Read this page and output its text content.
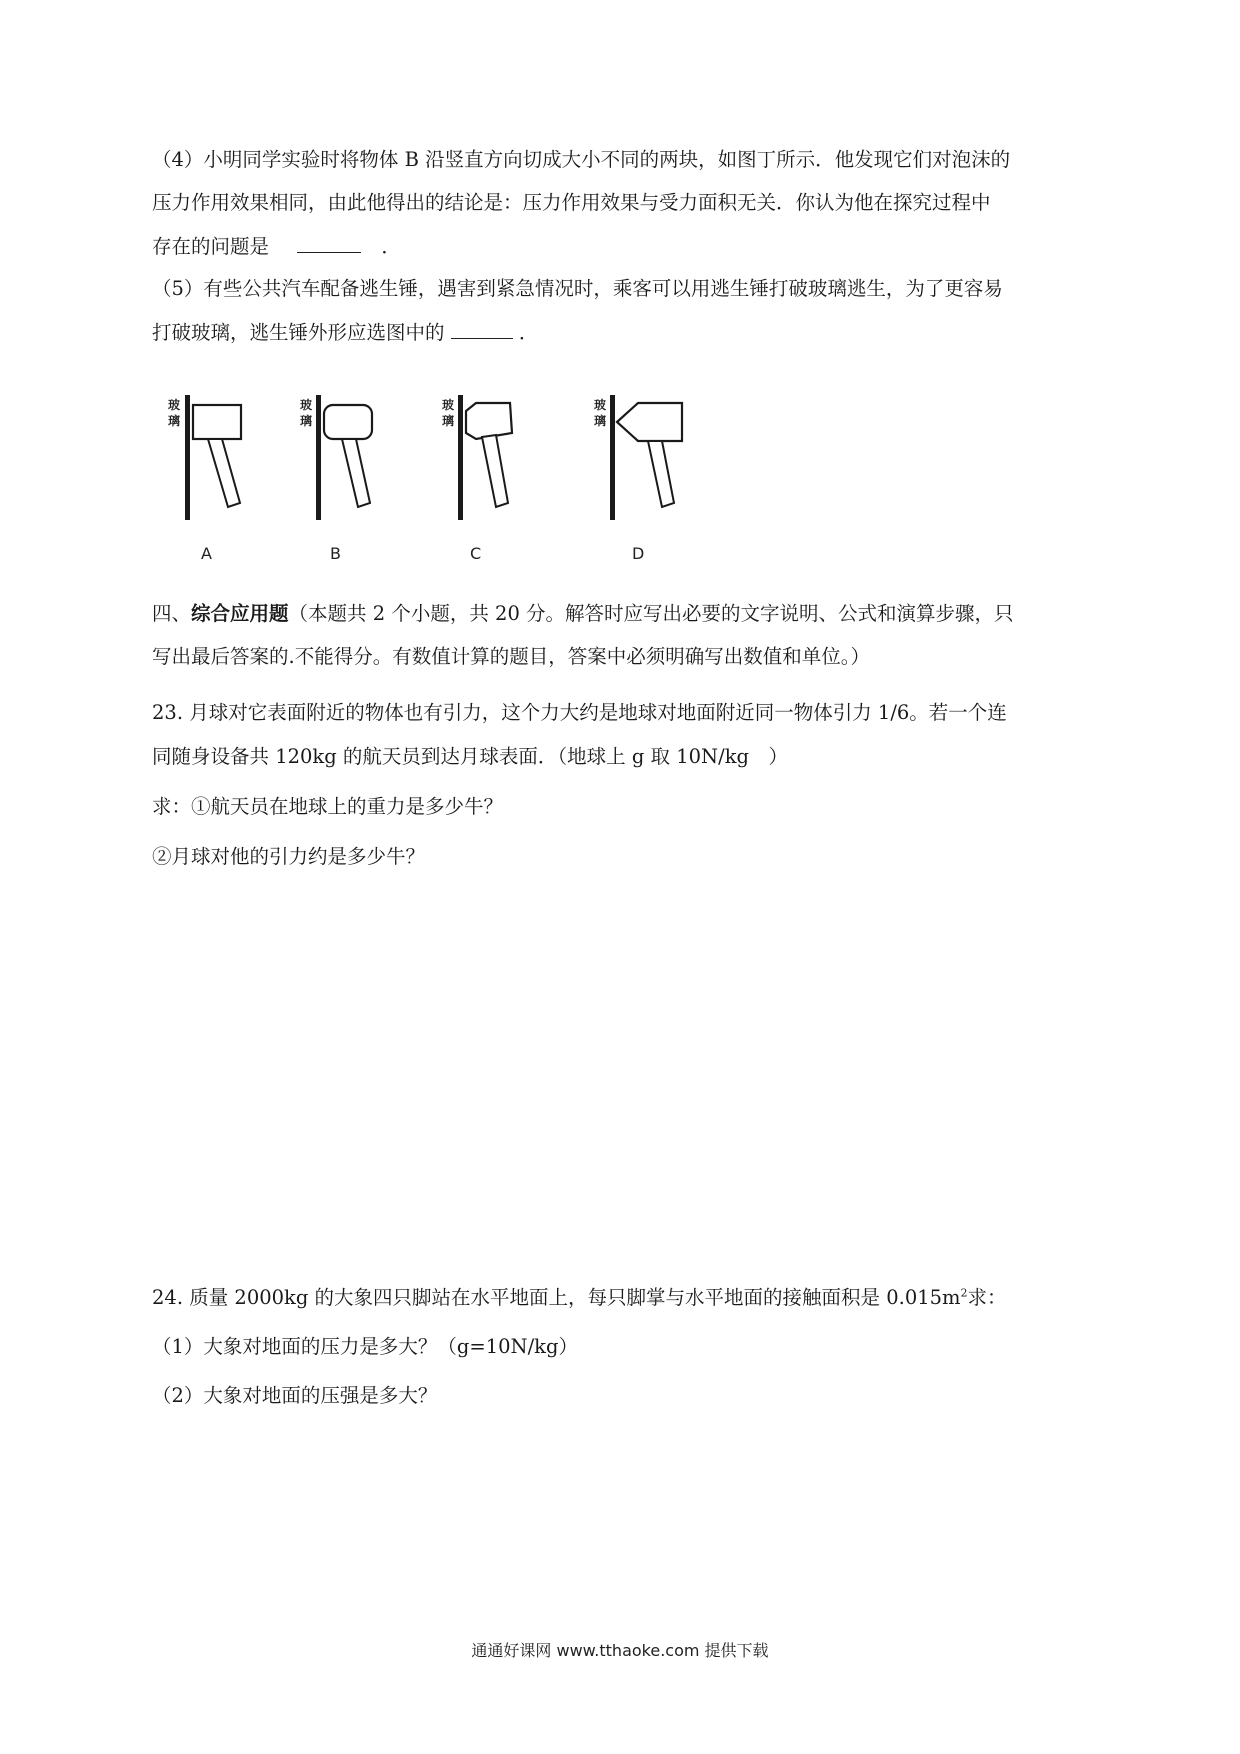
（4）小明同学实验时将物体 B 沿竖直方向切成大小不同的两块，如图丁所示．他发现它们对泡沫的
压力作用效果相同，由此他得出的结论是：压力作用效果与受力面积无关．你认为他在探究过程中
存在的问题是	．
（5）有些公共汽车配备逃生锤，遇害到紧急情况时，乘客可以用逃生锤打破玻璃逃生，为了更容易
打破玻璃，逃生锤外形应选图中的	．
玻
璃
A
玻
璃
B
玻
璃
C
玻
璃
D
四、综合应用题（本题共 2 个小题，共 20 分。解答时应写出必要的文字说明、公式和演算步骤，只
写出最后答案的.不能得分。有数值计算的题目，答案中必须明确写出数值和单位。）
23. 月球对它表面附近的物体也有引力，这个力大约是地球对地面附近同一物体引力 1/6。若一个连
同随身设备共 120kg 的航天员到达月球表面．（地球上 g 取 10N/kg　）
求：①航天员在地球上的重力是多少牛？
②月球对他的引力约是多少牛？
24. 质量 2000kg 的大象四只脚站在水平地面上，每只脚掌与水平地面的接触面积是 $0.015m^2$求：
（1）大象对地面的压力是多大？（g=10N/kg）
（2）大象对地面的压强是多大？
通通好课网 www.tthaoke.com 提供下载
